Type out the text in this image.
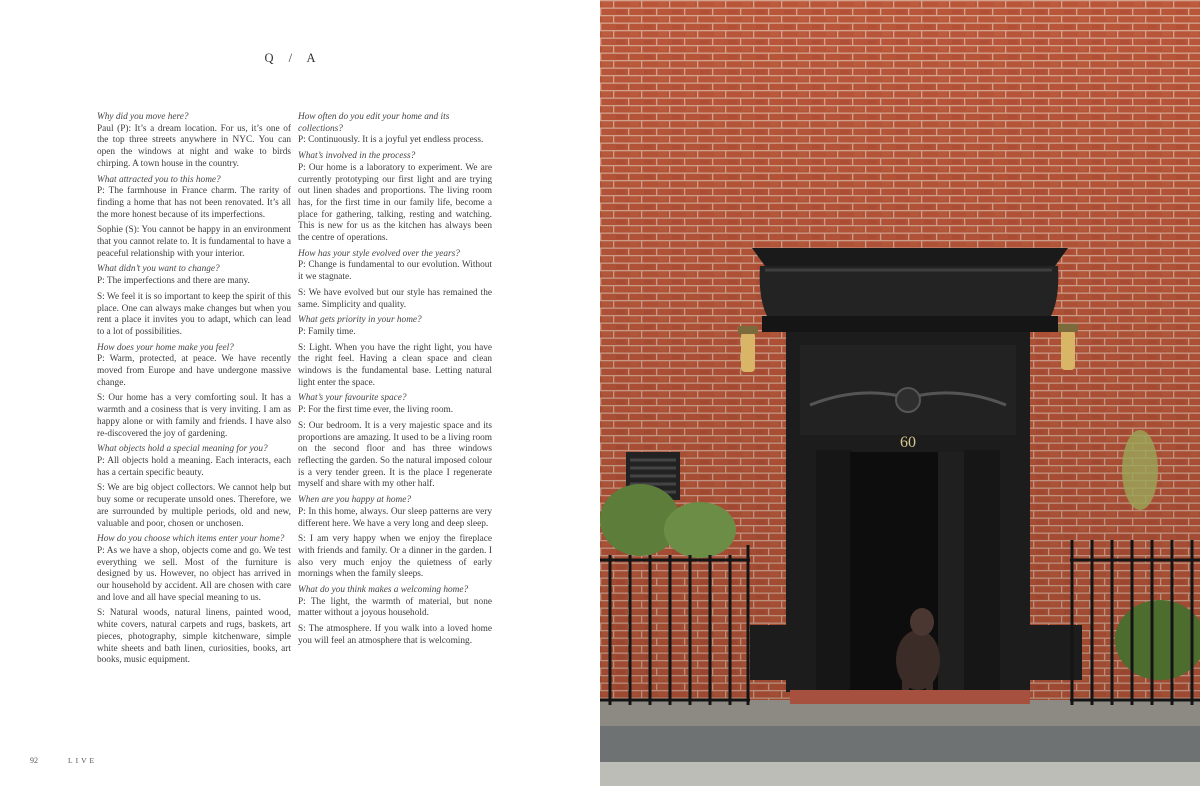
Q / A

Why did you move here?

Paul (P): It’s a dream location. For us, it’s one of the top three streets anywhere in NYC. You can open the windows at night and wake to birds chirping. A town house in the country.

What attracted you to this home?

P: The farmhouse in France charm. The rarity of finding a home that has not been renovated. It’s all the more honest because of its imperfections.

Sophie (S): You cannot be happy in an environment that you cannot relate to. It is fundamental to have a peaceful relationship with your interior.

What didn’t you want to change?

P: The imperfections and there are many.

S: We feel it is so important to keep the spirit of this place. One can always make changes but when you rent a place it invites you to adapt, which can lead to a lot of possibilities.

How does your home make you feel?

P: Warm, protected, at peace. We have recently moved from Europe and have undergone massive change.

S: Our home has a very comforting soul. It has a warmth and a cosiness that is very inviting. I am as happy alone or with family and friends. I have also re-discovered the joy of gardening.

What objects hold a special meaning for you?

P: All objects hold a meaning. Each interacts, each has a certain specific beauty.

S: We are big object collectors. We cannot help but buy some or recuperate unsold ones. Therefore, we are surrounded by multiple periods, old and new, valuable and poor, chosen or unchosen.

How do you choose which items enter your home?

P: As we have a shop, objects come and go. We test everything we sell. Most of the furniture is designed by us. However, no object has arrived in our household by accident. All are chosen with care and love and all have special meaning to us.

S: Natural woods, natural linens, painted wood, white covers, natural carpets and rugs, baskets, art pieces, photography, simple kitchenware, simple white sheets and bath linen, curiosities, books, art books, music equipment.

How often do you edit your home and its collections?

P: Continuously. It is a joyful yet endless process.

What’s involved in the process?

P: Our home is a laboratory to experiment. We are currently prototyping our first light and are trying out linen shades and proportions. The living room has, for the first time in our family life, become a place for gathering, talking, resting and watching. This is new for us as the kitchen has always been the centre of operations.

How has your style evolved over the years?

P: Change is fundamental to our evolution. Without it we stagnate.

S: We have evolved but our style has remained the same. Simplicity and quality.

What gets priority in your home?

P: Family time.

S: Light. When you have the right light, you have the right feel. Having a clean space and clean windows is the fundamental base. Letting natural light enter the space.

What’s your favourite space?

P: For the first time ever, the living room.

S: Our bedroom. It is a very majestic space and its proportions are amazing. It used to be a living room on the second floor and has three windows reflecting the garden. So the natural imposed colour is a very tender green. It is the place I regenerate myself and share with my other half.

When are you happy at home?

P: In this home, always. Our sleep patterns are very different here. We have a very long and deep sleep.

S: I am very happy when we enjoy the fireplace with friends and family. Or a dinner in the garden. I also very much enjoy the quietness of early mornings when the family sleeps.

What do you think makes a welcoming home?

P: The light, the warmth of material, but none matter without a joyous household.

S: The atmosphere. If you walk into a loved home you will feel an atmosphere that is welcoming.

92	LIVE
60
